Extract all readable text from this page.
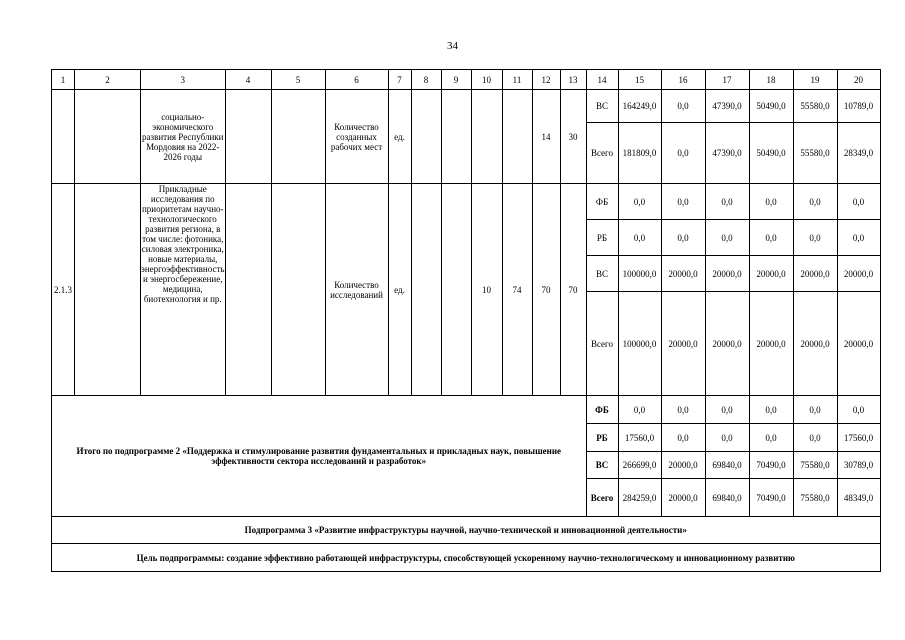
34
1	2	3	4	5	6	7	8	9	10	11	12	13	14	15	16	17	18	19	20
		социально-экономического развития Республики Мордовия на 2022-2026 годы			Количество созданных рабочих мест	ед.					14	30	ВС	164249,0	0,0	47390,0	50490,0	55580,0	10789,0
													Всего	181809,0	0,0	47390,0	50490,0	55580,0	28349,0
2.1.3		Прикладные исследования по приоритетам научно-технологического развития региона, в том числе: фотоника, силовая электроника, новые материалы, энергоэффективность и энергосбережение, медицина, биотехнология и пр.			Количество исследований	ед.			10	74	70	70	ФБ	0,0	0,0	0,0	0,0	0,0	0,0
													РБ	0,0	0,0	0,0	0,0	0,0	0,0
													ВС	100000,0	20000,0	20000,0	20000,0	20000,0	20000,0
													Всего	100000,0	20000,0	20000,0	20000,0	20000,0	20000,0
Итого по подпрограмме 2 «Поддержка и стимулирование развития фундаментальных и прикладных наук, повышение эффективности сектора исследований и разработок»													ФБ	0,0	0,0	0,0	0,0	0,0	0,0
													РБ	17560,0	0,0	0,0	0,0	0,0	17560,0
													ВС	266699,0	20000,0	69840,0	70490,0	75580,0	30789,0
													Всего	284259,0	20000,0	69840,0	70490,0	75580,0	48349,0
Подпрограмма 3 «Развитие инфраструктуры научной, научно-технической и инновационной деятельности»																			
Цель подпрограммы: создание эффективно работающей инфраструктуры, способствующей ускоренному научно-технологическому и инновационному развитию																			
